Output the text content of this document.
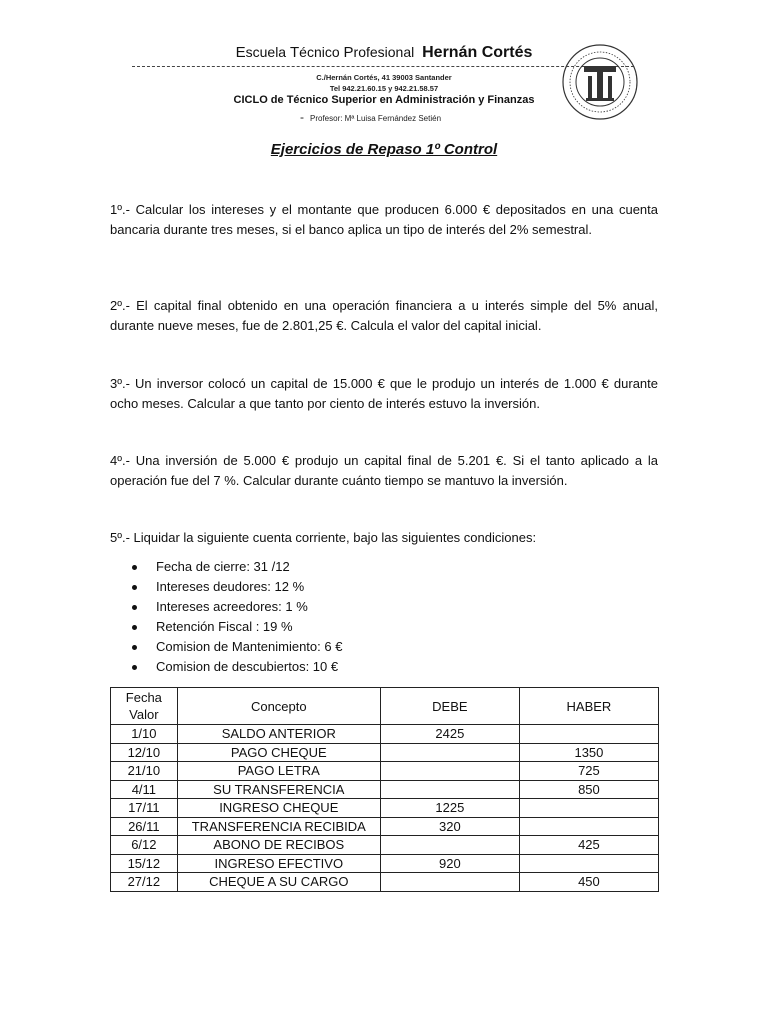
Escuela Técnico Profesional Hernán Cortés
C./Hernán Cortés, 41 39003 Santander
Tel 942.21.60.15 y 942.21.58.57
CICLO de Técnico Superior en Administración y Finanzas
- Profesor: Mª Luisa Fernández Setién
Ejercicios de Repaso 1º Control
1º.- Calcular los intereses y el montante que producen 6.000 € depositados en una cuenta bancaria durante tres meses, si el banco aplica un tipo de interés del 2% semestral.
2º.- El capital final obtenido en una operación financiera a u interés simple del 5% anual, durante nueve meses, fue de 2.801,25 €. Calcula el valor del capital inicial.
3º.- Un inversor colocó un capital de 15.000 € que le produjo un interés de 1.000 € durante ocho meses. Calcular a que tanto por ciento de interés estuvo la inversión.
4º.- Una inversión de 5.000 € produjo un capital final de 5.201 €. Si el tanto aplicado a la operación fue del 7 %. Calcular durante cuánto tiempo se mantuvo la inversión.
5º.- Liquidar la siguiente cuenta corriente, bajo las siguientes condiciones:
Fecha de cierre: 31 /12
Intereses deudores: 12 %
Intereses acreedores: 1 %
Retención Fiscal : 19 %
Comision de Mantenimiento: 6 €
Comision de descubiertos: 10 €
Fecha
Valor	Concepto	DEBE	HABER
1/10	SALDO ANTERIOR	2425	
12/10	PAGO CHEQUE		1350
21/10	PAGO LETRA		725
4/11	SU TRANSFERENCIA		850
17/11	INGRESO CHEQUE	1225	
26/11	TRANSFERENCIA RECIBIDA	320	
6/12	ABONO DE RECIBOS		425
15/12	INGRESO EFECTIVO	920	
27/12	CHEQUE A SU CARGO		450
